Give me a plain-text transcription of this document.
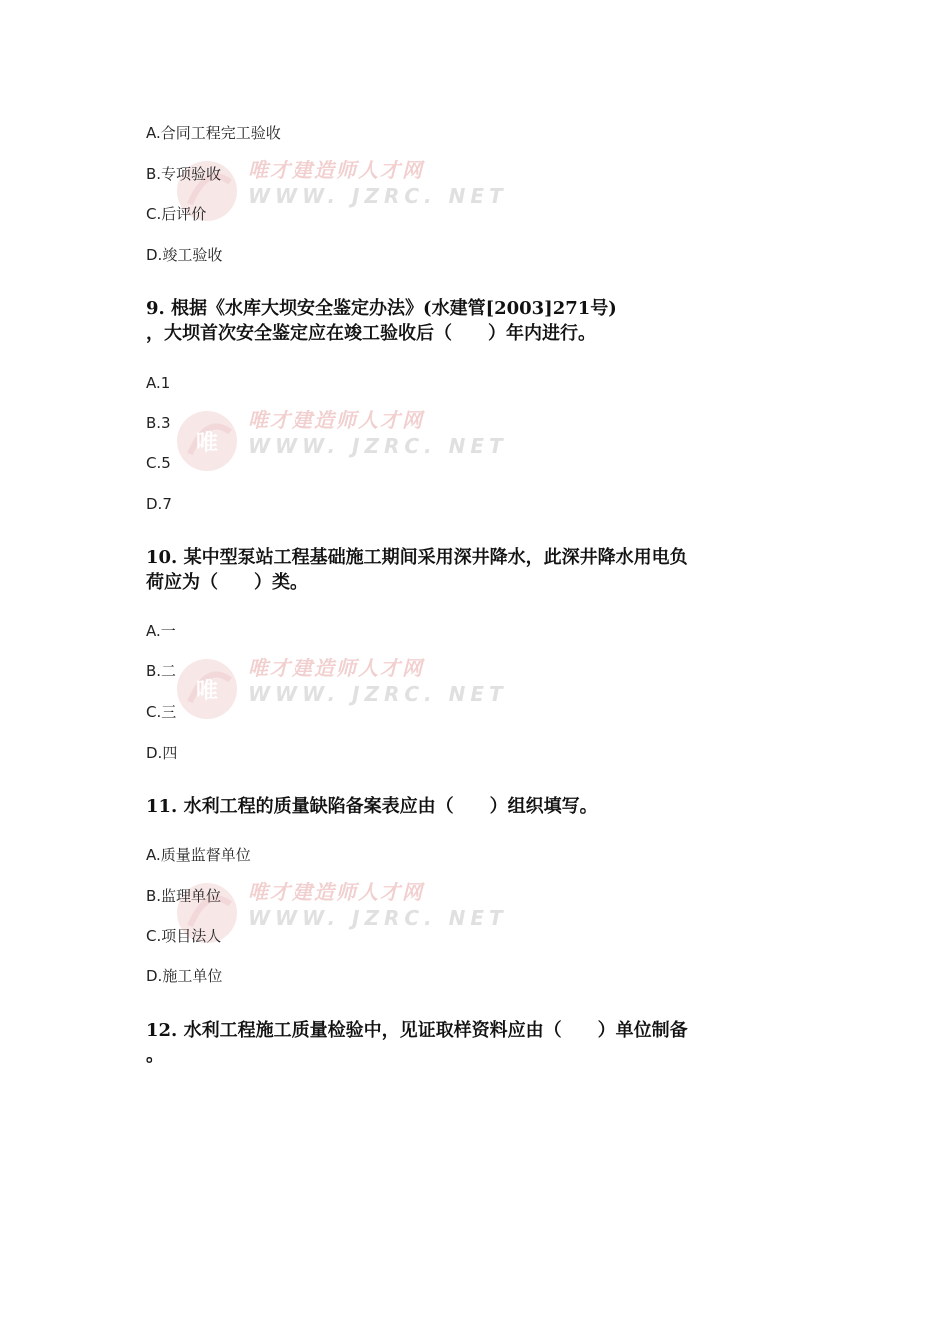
唯才建造师人才网
WWW. JZRC. NET
唯
唯才建造师人才网
WWW. JZRC. NET
唯
唯才建造师人才网
WWW. JZRC. NET
唯才建造师人才网
WWW. JZRC. NET
A.合同工程完工验收
B.专项验收
C.后评价
D.竣工验收
9. 根据《水库大坝安全鉴定办法》(水建管[2003]271号)
，大坝首次安全鉴定应在竣工验收后（　　）年内进行。
A.1
B.3
C.5
D.7
10. 某中型泵站工程基础施工期间采用深井降水，此深井降水用电负
荷应为（　　）类。
A.一
B.二
C.三
D.四
11. 水利工程的质量缺陷备案表应由（　　）组织填写。
A.质量监督单位
B.监理单位
C.项目法人
D.施工单位
12. 水利工程施工质量检验中，见证取样资料应由（　　）单位制备
。
